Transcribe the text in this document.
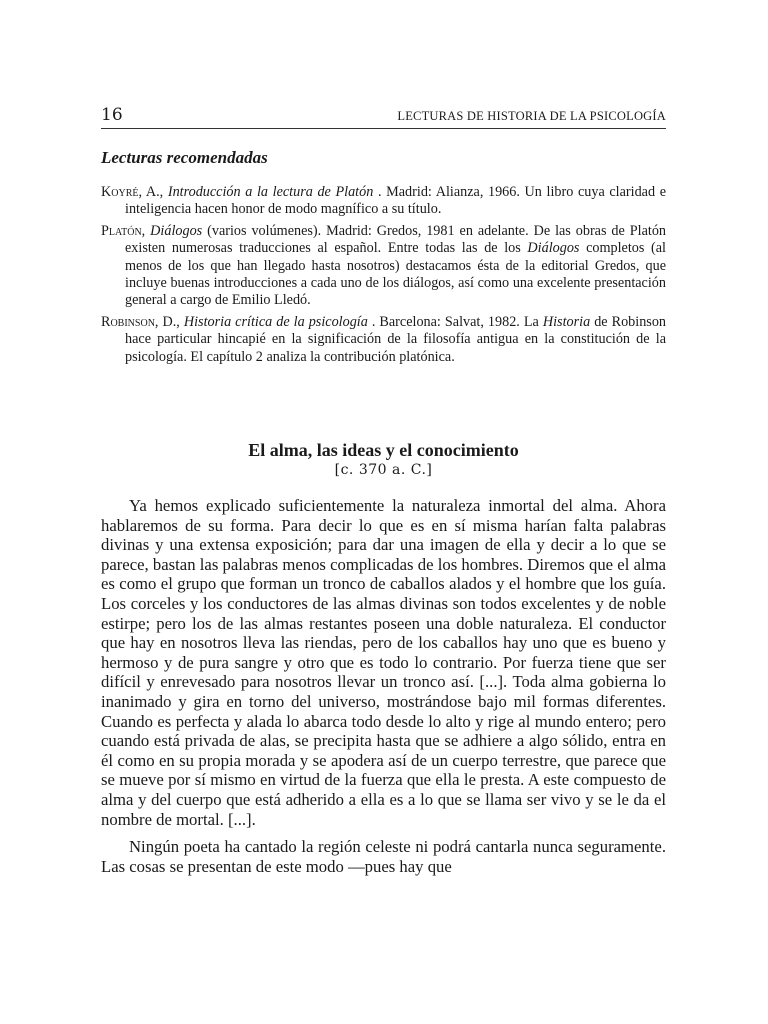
16	LECTURAS DE HISTORIA DE LA PSICOLOGÍA
Lecturas recomendadas

Koyré, A., Introducción a la lectura de Platón . Madrid: Alianza, 1966. Un libro cuya claridad e inteligencia hacen honor de modo magnífico a su título.

Platón, Diálogos (varios volúmenes). Madrid: Gredos, 1981 en adelante. De las obras de Platón existen numerosas traducciones al español. Entre todas las de los Diálogos completos (al menos de los que han llegado hasta nosotros) destacamos ésta de la editorial Gredos, que incluye buenas introducciones a cada uno de los diálogos, así como una excelente presentación general a cargo de Emilio Lledó.

Robinson, D., Historia crítica de la psicología . Barcelona: Salvat, 1982. La Historia de Robinson hace particular hincapié en la significación de la filosofía antigua en la constitución de la psicología. El capítulo 2 analiza la contribución platónica.

El alma, las ideas y el conocimiento
[c. 370 a. C.]

Ya hemos explicado suficientemente la naturaleza inmortal del alma. Ahora hablaremos de su forma. Para decir lo que es en sí misma harían falta palabras divinas y una extensa exposición; para dar una imagen de ella y decir a lo que se parece, bastan las palabras menos complicadas de los hombres. Diremos que el alma es como el grupo que forman un tronco de caballos alados y el hombre que los guía. Los corceles y los conductores de las almas divinas son todos excelentes y de noble estirpe; pero los de las almas restantes poseen una doble naturaleza. El conductor que hay en nosotros lleva las riendas, pero de los caballos hay uno que es bueno y hermoso y de pura sangre y otro que es todo lo contrario. Por fuerza tiene que ser difícil y enrevesado para nosotros llevar un tronco así. [...]. Toda alma gobierna lo inanimado y gira en torno del universo, mostrándose bajo mil formas diferentes. Cuando es perfecta y alada lo abarca todo desde lo alto y rige al mundo entero; pero cuando está privada de alas, se precipita hasta que se adhiere a algo sólido, entra en él como en su propia morada y se apodera así de un cuerpo terrestre, que parece que se mueve por sí mismo en virtud de la fuerza que ella le presta. A este compuesto de alma y del cuerpo que está adherido a ella es a lo que se llama ser vivo y se le da el nombre de mortal. [...].

Ningún poeta ha cantado la región celeste ni podrá cantarla nunca seguramente. Las cosas se presentan de este modo —pues hay que
